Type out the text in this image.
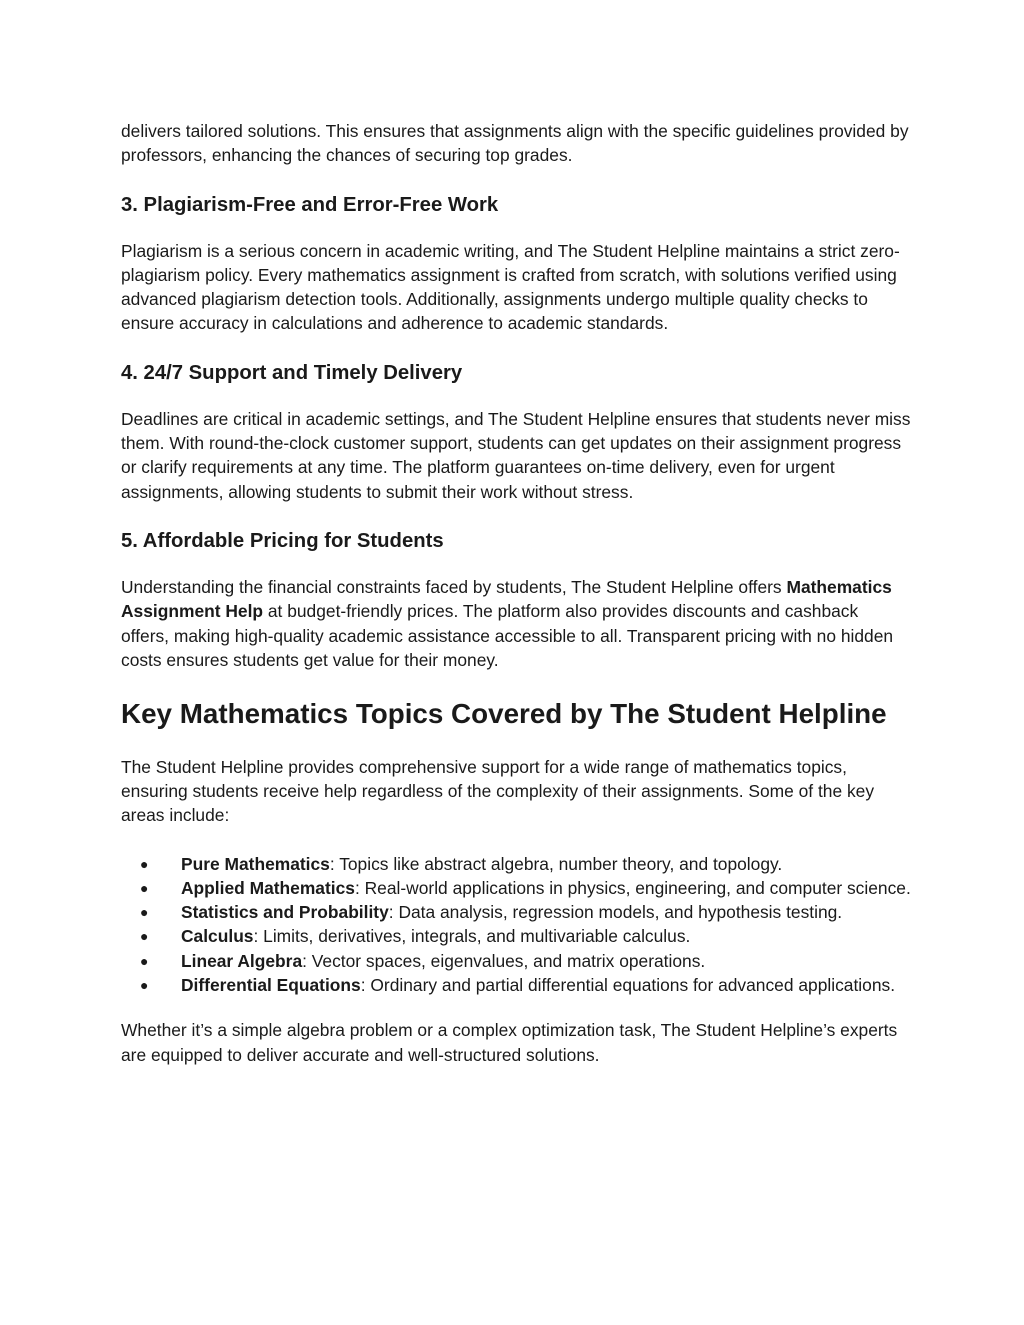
delivers tailored solutions. This ensures that assignments align with the specific guidelines provided by professors, enhancing the chances of securing top grades.

3. Plagiarism-Free and Error-Free Work

Plagiarism is a serious concern in academic writing, and The Student Helpline maintains a strict zero-plagiarism policy. Every mathematics assignment is crafted from scratch, with solutions verified using advanced plagiarism detection tools. Additionally, assignments undergo multiple quality checks to ensure accuracy in calculations and adherence to academic standards.

4. 24/7 Support and Timely Delivery

Deadlines are critical in academic settings, and The Student Helpline ensures that students never miss them. With round-the-clock customer support, students can get updates on their assignment progress or clarify requirements at any time. The platform guarantees on-time delivery, even for urgent assignments, allowing students to submit their work without stress.

5. Affordable Pricing for Students

Understanding the financial constraints faced by students, The Student Helpline offers Mathematics Assignment Help at budget-friendly prices. The platform also provides discounts and cashback offers, making high-quality academic assistance accessible to all. Transparent pricing with no hidden costs ensures students get value for their money.

Key Mathematics Topics Covered by The Student Helpline

The Student Helpline provides comprehensive support for a wide range of mathematics topics, ensuring students receive help regardless of the complexity of their assignments. Some of the key areas include:

● Pure Mathematics: Topics like abstract algebra, number theory, and topology.
● Applied Mathematics: Real-world applications in physics, engineering, and computer science.
● Statistics and Probability: Data analysis, regression models, and hypothesis testing.
● Calculus: Limits, derivatives, integrals, and multivariable calculus.
● Linear Algebra: Vector spaces, eigenvalues, and matrix operations.
● Differential Equations: Ordinary and partial differential equations for advanced applications.

Whether it’s a simple algebra problem or a complex optimization task, The Student Helpline’s experts are equipped to deliver accurate and well-structured solutions.
